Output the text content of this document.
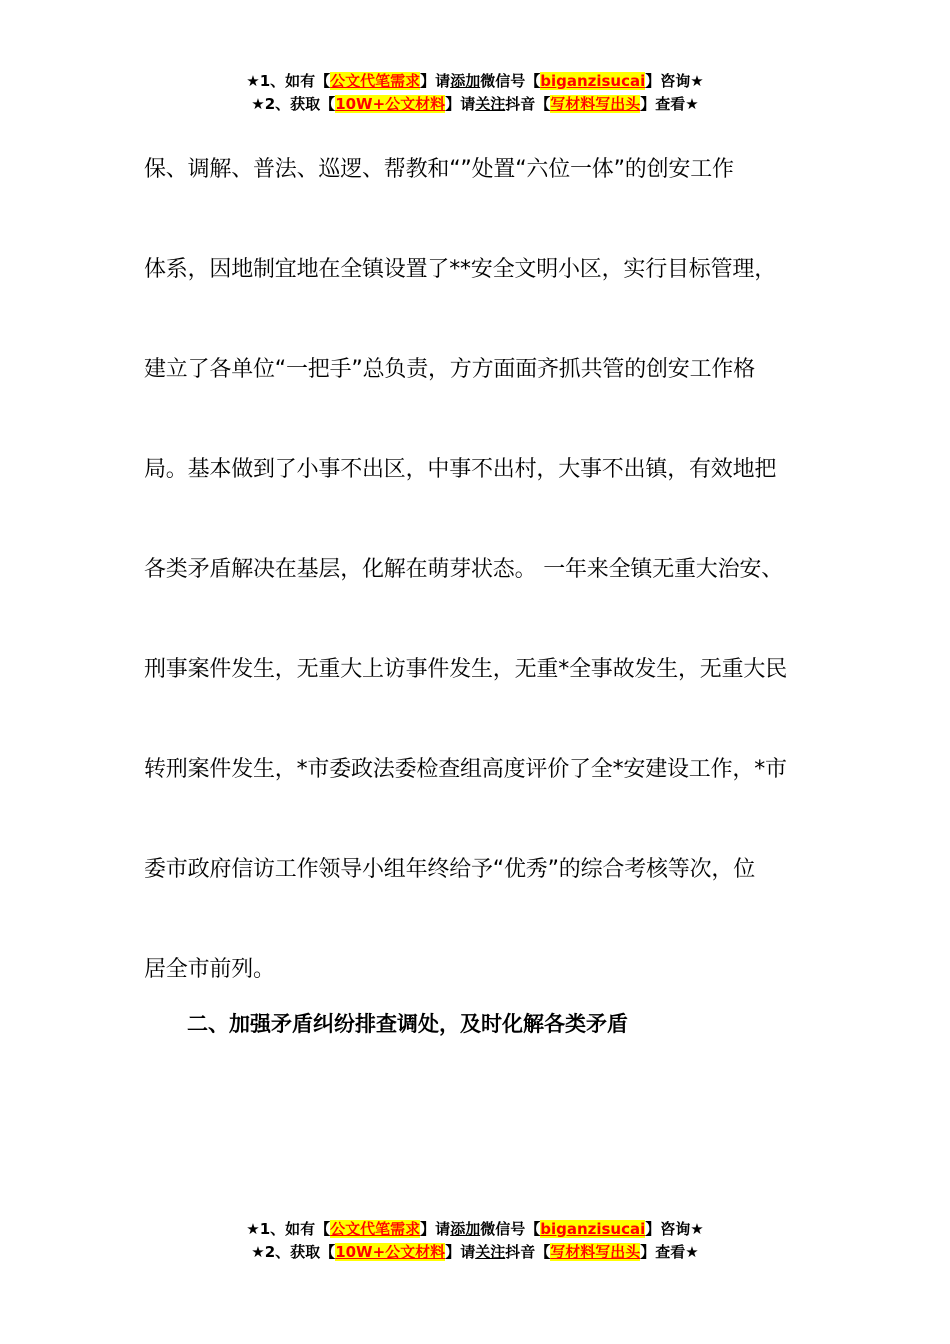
★1、如有【公文代笔需求】请添加微信号【biganzisucai】咨询★
★2、获取【10W+公文材料】请关注抖音【写材料写出头】查看★
保、调解、普法、巡逻、帮教和“”处置“六位一体”的创安工作
体系，因地制宜地在全镇设置了**安全文明小区，实行目标管理，
建立了各单位“一把手”总负责，方方面面齐抓共管的创安工作格
局。基本做到了小事不出区，中事不出村，大事不出镇，有效地把
各类矛盾解决在基层，化解在萌芽状态。 一年来全镇无重大治安、
刑事案件发生，无重大上访事件发生，无重*全事故发生，无重大民
转刑案件发生，*市委政法委检查组高度评价了全*安建设工作，*市
委市政府信访工作领导小组年终给予“优秀”的综合考核等次，位
居全市前列。
二、加强矛盾纠纷排查调处，及时化解各类矛盾
★1、如有【公文代笔需求】请添加微信号【biganzisucai】咨询★
★2、获取【10W+公文材料】请关注抖音【写材料写出头】查看★
